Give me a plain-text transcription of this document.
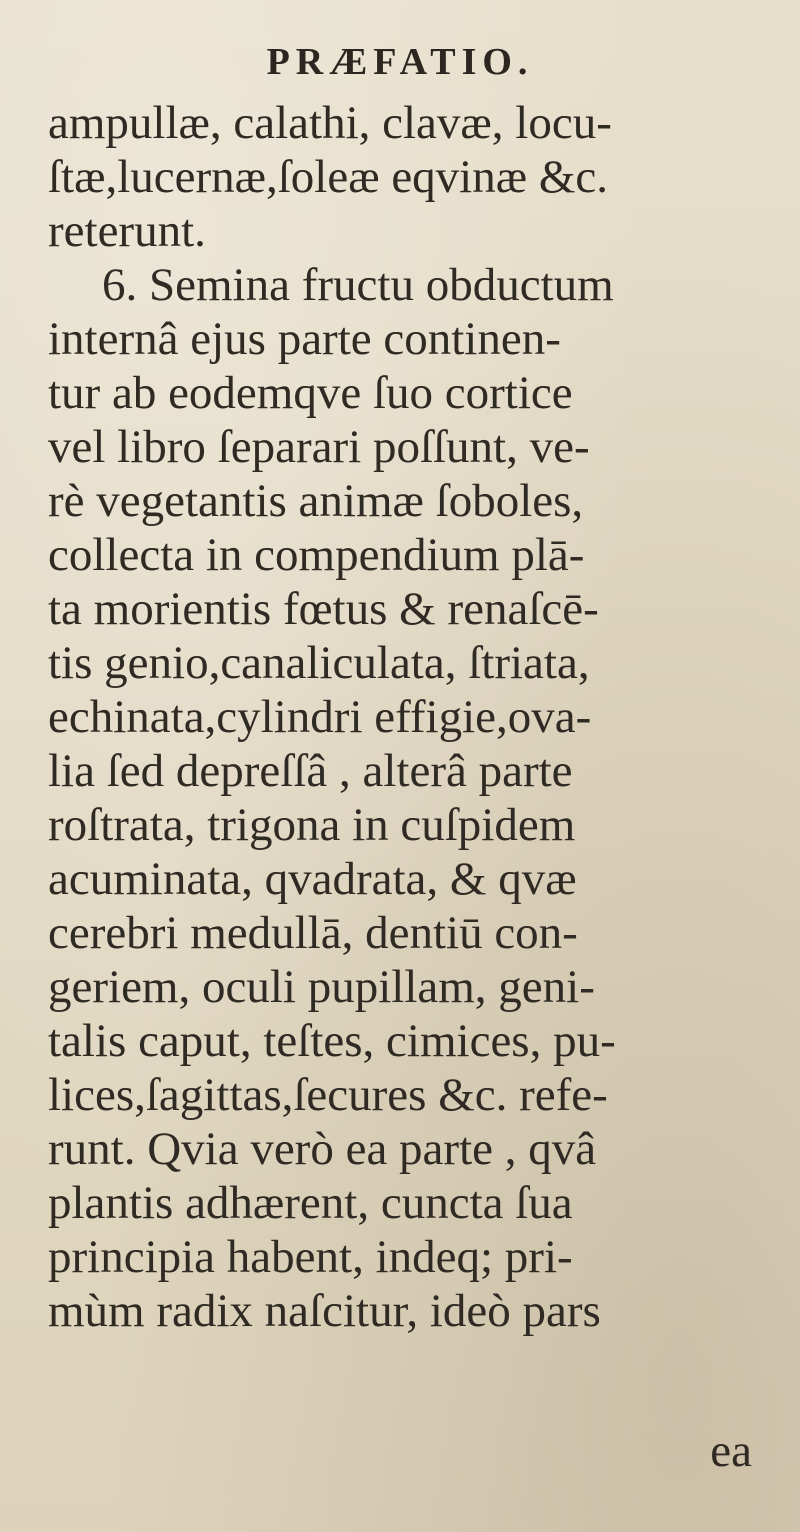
PRÆFATIO.
ampullæ, calathi, clavæ, locu-
ſtæ,lucernæ,ſoleæ eqvinæ &c.
reterunt.
6. Semina fructu obductum
internâ ejus parte continen-
tur ab eodemqve ſuo cortice
vel libro ſeparari poſſunt, ve-
rè vegetantis animæ ſoboles,
collecta in compendium plā-
ta morientis fœtus & renaſcē-
tis genio,canaliculata, ſtriata,
echinata,cylindri effigie,ova-
lia ſed depreſſâ , alterâ parte
roſtrata, trigona in cuſpidem
acuminata, qvadrata, & qvæ
cerebri medullā, dentiū con-
geriem, oculi pupillam, geni-
talis caput, teſtes, cimices, pu-
lices,ſagittas,ſecures &c. refe-
runt. Qvia verò ea parte , qvâ
plantis adhærent, cuncta ſua
principia habent, indeq; pri-
mùm radix naſcitur, ideò pars
ea
